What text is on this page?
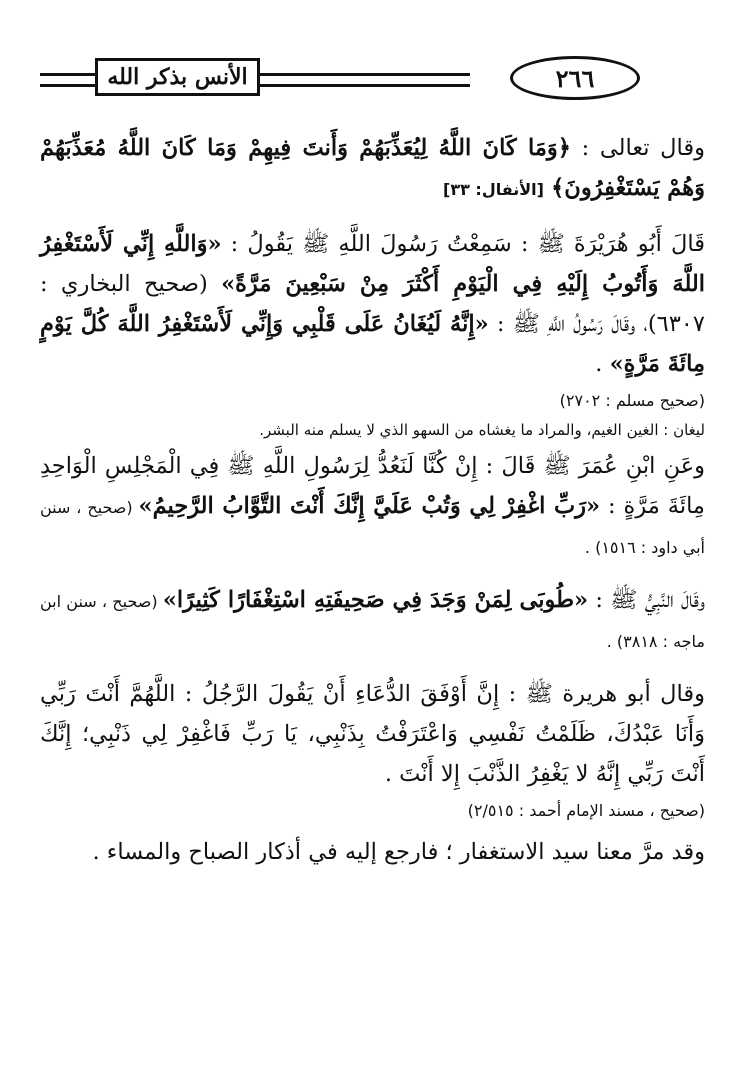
الأنس بذكر الله	٢٦٦

وقال تعالى : ﴿وَمَا كَانَ اللَّهُ لِيُعَذِّبَهُمْ وَأَنتَ فِيهِمْ وَمَا كَانَ اللَّهُ مُعَذِّبَهُمْ وَهُمْ يَسْتَغْفِرُونَ﴾ [الأنفال: ٣٣]

قَالَ أَبُو هُرَيْرَةَ ﷺ : سَمِعْتُ رَسُولَ اللَّهِ ﷺ يَقُولُ : «وَاللَّهِ إِنِّي لَأَسْتَغْفِرُ اللَّهَ وَأَتُوبُ إِلَيْهِ فِي الْيَوْمِ أَكْثَرَ مِنْ سَبْعِينَ مَرَّةً» (صحيح البخاري : ٦٣٠٧)، وقَالَ رَسُولُ اللَّهِ ﷺ : «إِنَّهُ لَيُغَانُ عَلَى قَلْبِي وَإِنِّي لَأَسْتَغْفِرُ اللَّهَ كُلَّ يَوْمٍ مِائَةَ مَرَّةٍ» .

(صحيح مسلم : ٢٧٠٢)

ليغان : الغين الغيم، والمراد ما يغشاه من السهو الذي لا يسلم منه البشر.

وعَنِ ابْنِ عُمَرَ ﷺ قَالَ : إِنْ كُنَّا لَنَعُدُّ لِرَسُولِ اللَّهِ ﷺ فِي الْمَجْلِسِ الْوَاحِدِ مِائَةَ مَرَّةٍ : «رَبِّ اغْفِرْ لِي وَتُبْ عَلَيَّ إِنَّكَ أَنْتَ التَّوَّابُ الرَّحِيمُ» (صحيح ، سنن أبي داود : ١٥١٦) .

وقَالَ النَّبِيُّ ﷺ : «طُوبَى لِمَنْ وَجَدَ فِي صَحِيفَتِهِ اسْتِغْفَارًا كَثِيرًا» (صحيح ، سنن ابن ماجه : ٣٨١٨) .

وقال أبو هريرة ﷺ : إِنَّ أَوْفَقَ الدُّعَاءِ أَنْ يَقُولَ الرَّجُلُ : اللَّهُمَّ أَنْتَ رَبِّي وَأَنَا عَبْدُكَ، ظَلَمْتُ نَفْسِي وَاعْتَرَفْتُ بِذَنْبِي، يَا رَبِّ فَاغْفِرْ لِي ذَنْبِي؛ إِنَّكَ أَنْتَ رَبِّي إِنَّهُ لا يَغْفِرُ الذَّنْبَ إِلا أَنْتَ .

(صحيح ، مسند الإمام أحمد : ٢/٥١٥)

وقد مرَّ معنا سيد الاستغفار ؛ فارجع إليه في أذكار الصباح والمساء .
